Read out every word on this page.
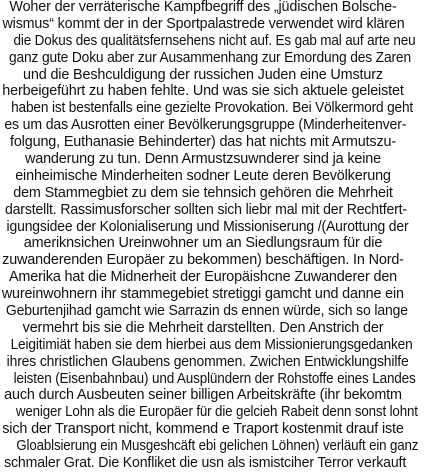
Woher der verräterische Kampfbegriff des „jüdischen Bolsche-
wismus“ kommt der in der Sportpalastrede verwendet wird klären
die Dokus des qualitätsfernsehens nicht auf. Es gab mal auf arte neu
ganz gute Doku aber zur Ausammenhang zur Emordung des Zaren
und die Beshculdigung der russichen Juden eine Umsturz
herbeigeführt zu haben fehlte. Und was sie sich aktuele geleistet
haben ist bestenfalls eine gezielte Provokation. Bei Völkermord geht
es um das Ausrotten einer Bevölkerungsgruppe (Minderheitenver-
folgung, Euthanasie Behinderter) das hat nichts mit Armutszu-
wanderung zu tun. Denn Armustzsuwnderer sind ja keine
einheimische Minderheiten sodner Leute deren Bevölkerung
dem Stammegbiet zu dem sie tehnsich gehören die Mehrheit
darstellt. Rassimusforscher sollten sich liebr mal mit der Rechtfert-
igungsidee der Kolonialiserung und Missioniserung /(Aurottung der
ameriknsichen Ureinwohner um an Siedlungsraum für die
zuwanderenden Europäer zu bekommen) beschäftigen. In Nord-
Amerika hat die Midnerheit der Europäishcne Zuwanderer den
wureinwohnern ihr stammegebiet stretiggi gamcht und danne ein
Geburtenjihad gamcht wie Sarrazin ds ennen würde, sich so lange
vermehrt bis sie die Mehrheit darstellten. Den Anstrich der
Leigitimiät haben sie dem hierbei aus dem Missionierungsgedanken
ihres christlichen Glaubens genommen. Zwichen Entwicklungshilfe
leisten (Eisenbahnbau) und Ausplündern der Rohstoffe eines Landes
auch durch Ausbeuten seiner billigen Arbeitskräfte (ihr bekomtm
weniger Lohn als die Europäer für die gelcieh Rabeit denn sonst lohnt
sich der Transport nicht, kommend e Traport kostenmit drauf iste
Gloablsierung ein Musgeshcäft ebi gelichen Löhnen) verläuft ein ganz
schmaler Grat. Die Konfliket die usn als ismistciher Terror verkauft
